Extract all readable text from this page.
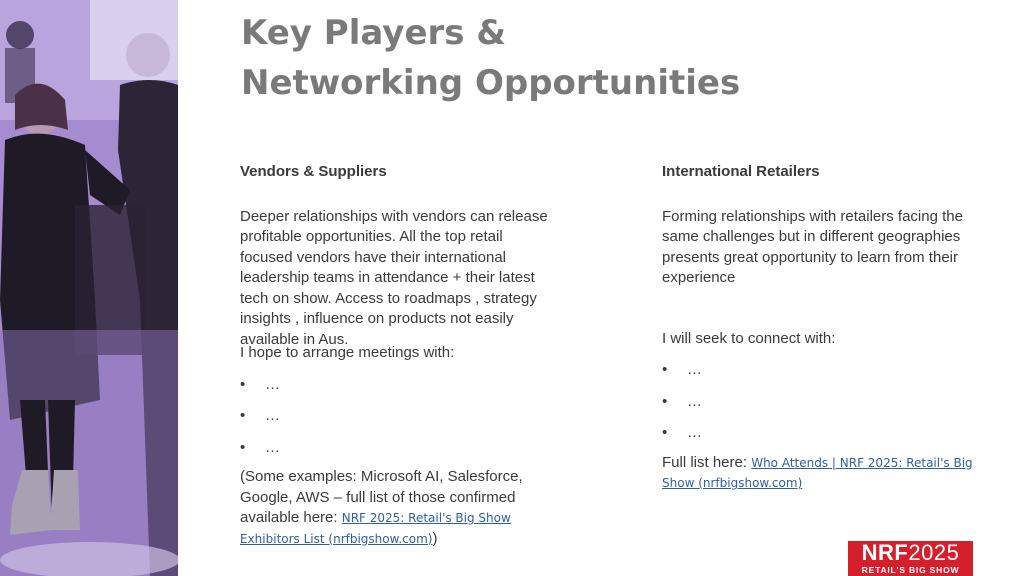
Key Players &
Networking Opportunities
Vendors & Suppliers
Deeper relationships with vendors can release
profitable opportunities. All the top retail
focused vendors have their international
leadership teams in attendance + their latest
tech on show. Access to roadmaps , strategy
insights , influence on products not easily
available in Aus.
I hope to arrange meetings with:
•	…
•	…
•	…
(Some examples: Microsoft AI, Salesforce,
Google, AWS – full list of those confirmed
available here: NRF 2025: Retail's Big Show
Exhibitors List (nrfbigshow.com))
International Retailers
Forming relationships with retailers facing the
same challenges but in different geographies
presents great opportunity to learn from their
experience
I will seek to connect with:
•	…
•	…
•	…
Full list here: Who Attends | NRF 2025: Retail's Big
Show (nrfbigshow.com)
NRF2025
RETAIL'S BIG SHOW
